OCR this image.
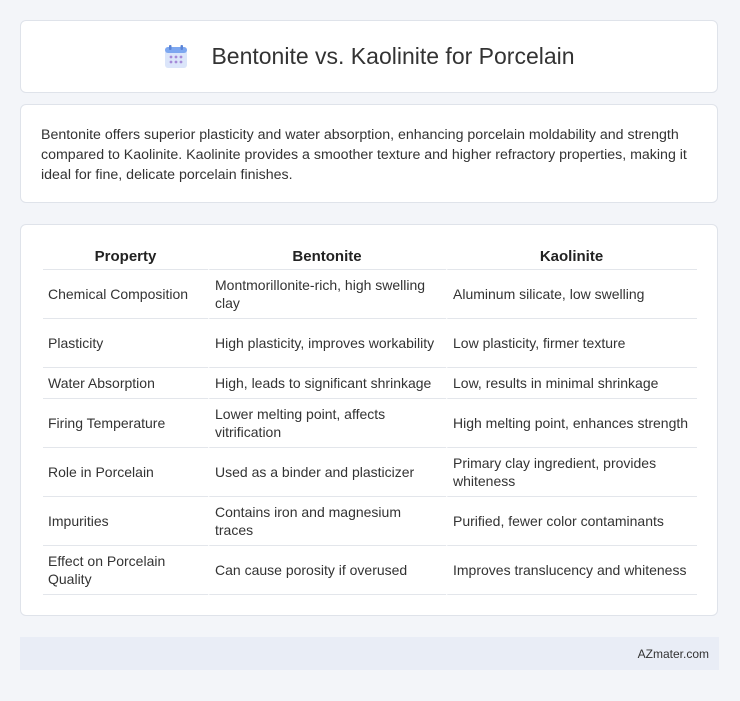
Bentonite vs. Kaolinite for Porcelain

Bentonite offers superior plasticity and water absorption, enhancing porcelain moldability and strength compared to Kaolinite. Kaolinite provides a smoother texture and higher refractory properties, making it ideal for fine, delicate porcelain finishes.

Property	Bentonite	Kaolinite
Chemical Composition	Montmorillonite-rich, high swelling clay	Aluminum silicate, low swelling
Plasticity	High plasticity, improves workability	Low plasticity, firmer texture
Water Absorption	High, leads to significant shrinkage	Low, results in minimal shrinkage
Firing Temperature	Lower melting point, affects vitrification	High melting point, enhances strength
Role in Porcelain	Used as a binder and plasticizer	Primary clay ingredient, provides whiteness
Impurities	Contains iron and magnesium traces	Purified, fewer color contaminants
Effect on Porcelain Quality	Can cause porosity if overused	Improves translucency and whiteness
AZmater.com
